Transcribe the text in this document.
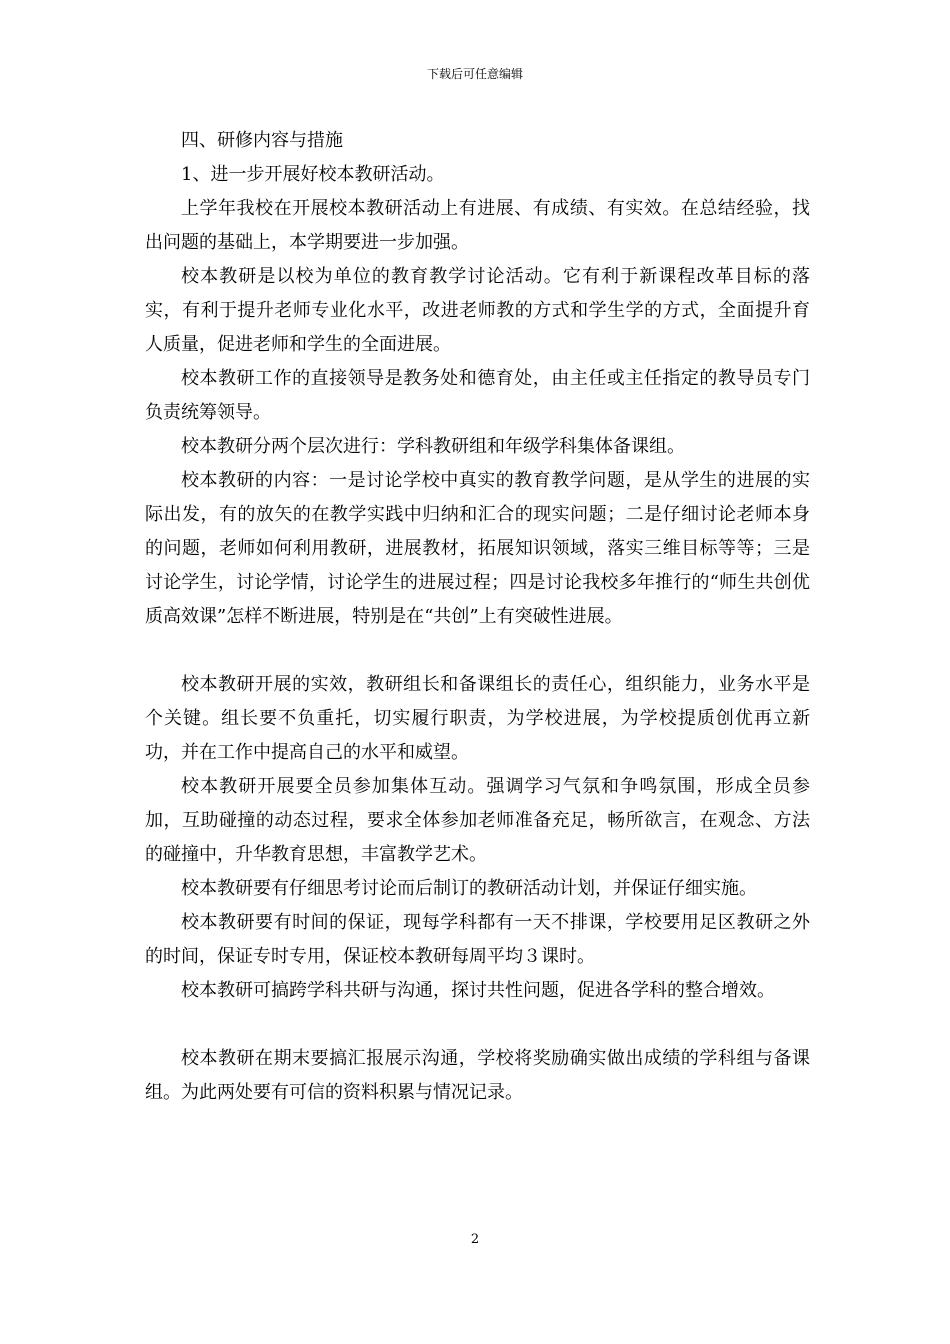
下载后可任意编辑

四、研修内容与措施

1、进一步开展好校本教研活动。

上学年我校在开展校本教研活动上有进展、有成绩、有实效。在总结经验，找出问题的基础上，本学期要进一步加强。

校本教研是以校为单位的教育教学讨论活动。它有利于新课程改革目标的落实，有利于提升老师专业化水平，改进老师教的方式和学生学的方式，全面提升育人质量，促进老师和学生的全面进展。

校本教研工作的直接领导是教务处和德育处，由主任或主任指定的教导员专门负责统筹领导。

校本教研分两个层次进行：学科教研组和年级学科集体备课组。

校本教研的内容：一是讨论学校中真实的教育教学问题，是从学生的进展的实际出发，有的放矢的在教学实践中归纳和汇合的现实问题；二是仔细讨论老师本身的问题，老师如何利用教研，进展教材，拓展知识领域，落实三维目标等等；三是讨论学生，讨论学情，讨论学生的进展过程；四是讨论我校多年推行的“师生共创优质高效课”怎样不断进展，特别是在“共创”上有突破性进展。

校本教研开展的实效，教研组长和备课组长的责任心，组织能力，业务水平是个关键。组长要不负重托，切实履行职责，为学校进展，为学校提质创优再立新功，并在工作中提高自己的水平和威望。

校本教研开展要全员参加集体互动。强调学习气氛和争鸣氛围，形成全员参加，互助碰撞的动态过程，要求全体参加老师准备充足，畅所欲言，在观念、方法的碰撞中，升华教育思想，丰富教学艺术。

校本教研要有仔细思考讨论而后制订的教研活动计划，并保证仔细实施。

校本教研要有时间的保证，现每学科都有一天不排课，学校要用足区教研之外的时间，保证专时专用，保证校本教研每周平均３课时。

校本教研可搞跨学科共研与沟通，探讨共性问题，促进各学科的整合增效。

校本教研在期末要搞汇报展示沟通，学校将奖励确实做出成绩的学科组与备课组。为此两处要有可信的资料积累与情况记录。

2
